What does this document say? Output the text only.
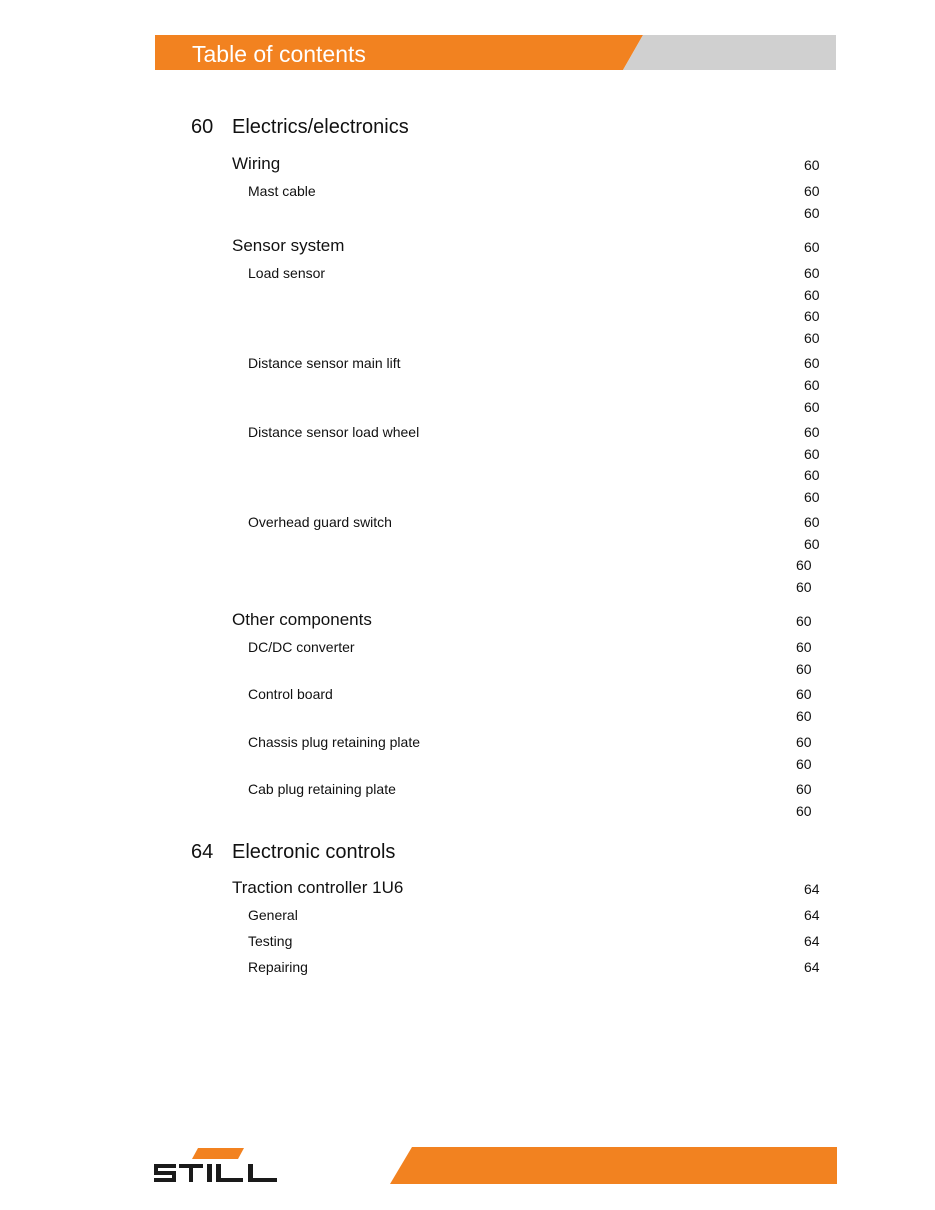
Table of contents
60 Electrics/electronics
Wiring	60
Mast cable	60
60
Sensor system	60
Load sensor	60
60
60
60
Distance sensor main lift	60
60
60
Distance sensor load wheel	60
60
60
60
Overhead guard switch	60
60
60
60
Other components	60
DC/DC converter	60
60
Control board	60
60
Chassis plug retaining plate	60
60
Cab plug retaining plate	60
60
64 Electronic controls
Traction controller 1U6	64
General	64
Testing	64
Repairing	64
